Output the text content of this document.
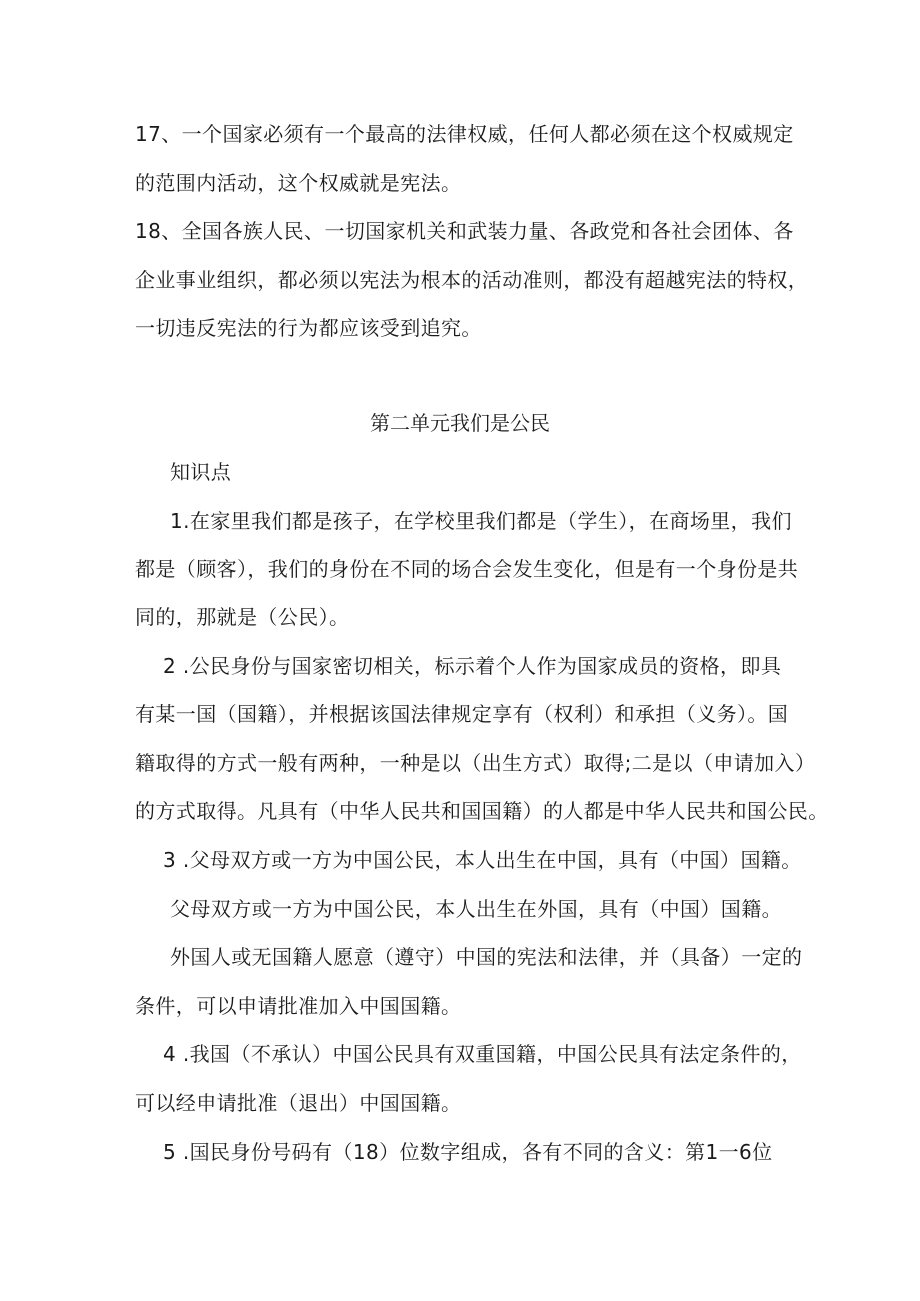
17、一个国家必须有一个最高的法律权威，任何人都必须在这个权威规定
的范围内活动，这个权威就是宪法。
18、全国各族人民、一切国家机关和武装力量、各政党和各社会团体、各
企业事业组织，都必须以宪法为根本的活动准则，都没有超越宪法的特权，
一切违反宪法的行为都应该受到追究。
第二单元我们是公民
知识点
1.在家里我们都是孩子，在学校里我们都是（学生），在商场里，我们
都是（顾客），我们的身份在不同的场合会发生变化，但是有一个身份是共
同的，那就是（公民）。
2 .公民身份与国家密切相关，标示着个人作为国家成员的资格，即具
有某一国（国籍），并根据该国法律规定享有（权利）和承担（义务）。国
籍取得的方式一般有两种，一种是以（出生方式）取得;二是以（申请加入）
的方式取得。凡具有（中华人民共和国国籍）的人都是中华人民共和国公民。
3 .父母双方或一方为中国公民，本人出生在中国，具有（中国）国籍。
父母双方或一方为中国公民，本人出生在外国，具有（中国）国籍。
外国人或无国籍人愿意（遵守）中国的宪法和法律，并（具备）一定的
条件，可以申请批准加入中国国籍。
4 .我国（不承认）中国公民具有双重国籍，中国公民具有法定条件的，
可以经申请批准（退出）中国国籍。
5 .国民身份号码有（18）位数字组成，各有不同的含义：第1一6位
